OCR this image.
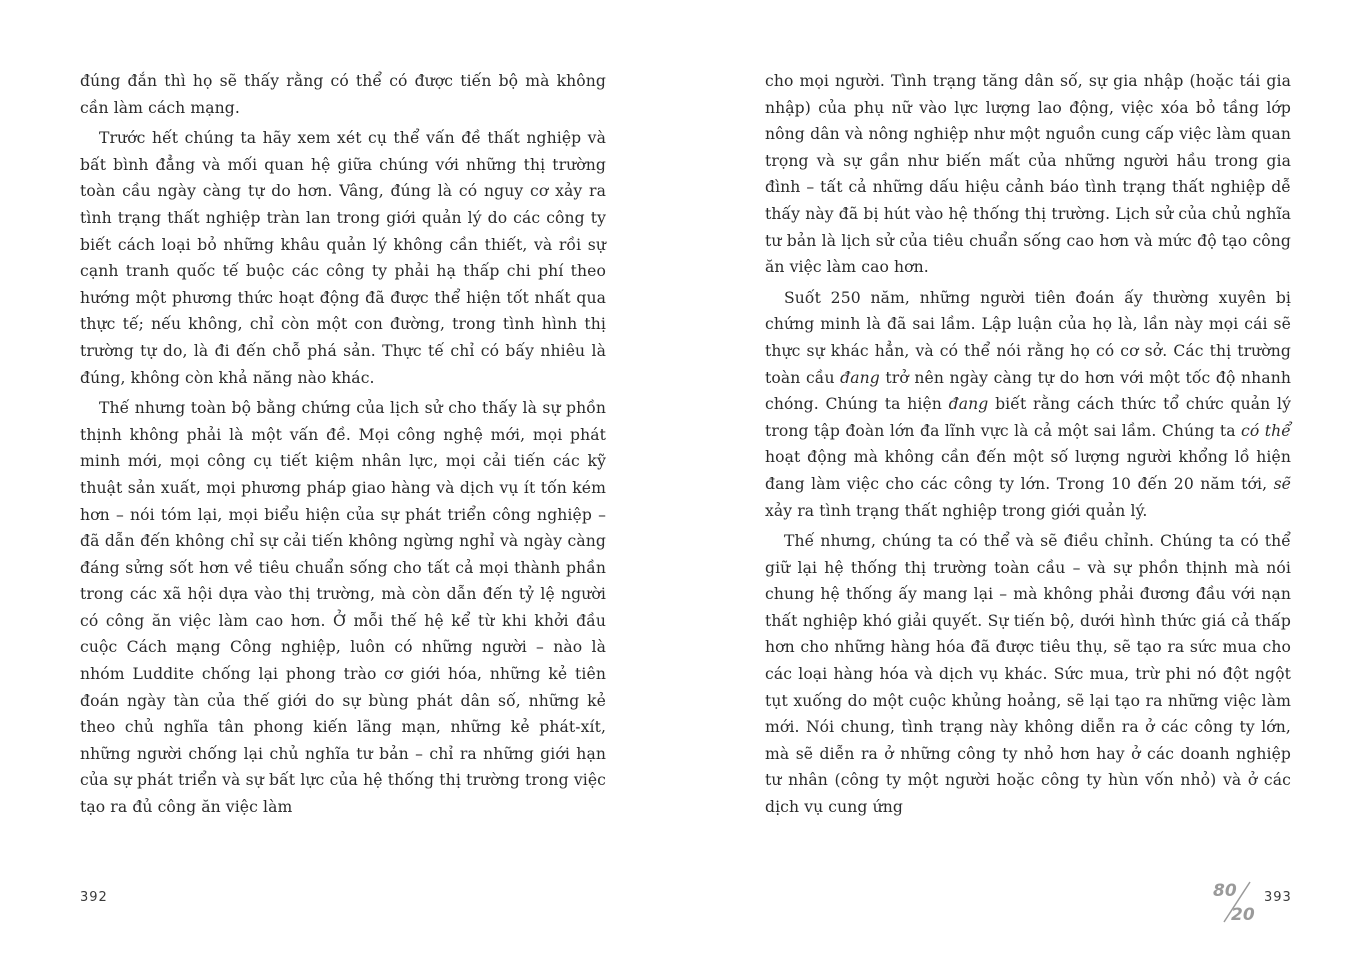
đúng đắn thì họ sẽ thấy rằng có thể có được tiến bộ mà không cần làm cách mạng.

Trước hết chúng ta hãy xem xét cụ thể vấn đề thất nghiệp và bất bình đẳng và mối quan hệ giữa chúng với những thị trường toàn cầu ngày càng tự do hơn. Vâng, đúng là có nguy cơ xảy ra tình trạng thất nghiệp tràn lan trong giới quản lý do các công ty biết cách loại bỏ những khâu quản lý không cần thiết, và rồi sự cạnh tranh quốc tế buộc các công ty phải hạ thấp chi phí theo hướng một phương thức hoạt động đã được thể hiện tốt nhất qua thực tế; nếu không, chỉ còn một con đường, trong tình hình thị trường tự do, là đi đến chỗ phá sản. Thực tế chỉ có bấy nhiêu là đúng, không còn khả năng nào khác.

Thế nhưng toàn bộ bằng chứng của lịch sử cho thấy là sự phồn thịnh không phải là một vấn đề. Mọi công nghệ mới, mọi phát minh mới, mọi công cụ tiết kiệm nhân lực, mọi cải tiến các kỹ thuật sản xuất, mọi phương pháp giao hàng và dịch vụ ít tốn kém hơn – nói tóm lại, mọi biểu hiện của sự phát triển công nghiệp – đã dẫn đến không chỉ sự cải tiến không ngừng nghỉ và ngày càng đáng sửng sốt hơn về tiêu chuẩn sống cho tất cả mọi thành phần trong các xã hội dựa vào thị trường, mà còn dẫn đến tỷ lệ người có công ăn việc làm cao hơn. Ở mỗi thế hệ kể từ khi khởi đầu cuộc Cách mạng Công nghiệp, luôn có những người – nào là nhóm Luddite chống lại phong trào cơ giới hóa, những kẻ tiên đoán ngày tàn của thế giới do sự bùng phát dân số, những kẻ theo chủ nghĩa tân phong kiến lãng mạn, những kẻ phát-xít, những người chống lại chủ nghĩa tư bản – chỉ ra những giới hạn của sự phát triển và sự bất lực của hệ thống thị trường trong việc tạo ra đủ công ăn việc làm

cho mọi người. Tình trạng tăng dân số, sự gia nhập (hoặc tái gia nhập) của phụ nữ vào lực lượng lao động, việc xóa bỏ tầng lớp nông dân và nông nghiệp như một nguồn cung cấp việc làm quan trọng và sự gần như biến mất của những người hầu trong gia đình – tất cả những dấu hiệu cảnh báo tình trạng thất nghiệp dễ thấy này đã bị hút vào hệ thống thị trường. Lịch sử của chủ nghĩa tư bản là lịch sử của tiêu chuẩn sống cao hơn và mức độ tạo công ăn việc làm cao hơn.

Suốt 250 năm, những người tiên đoán ấy thường xuyên bị chứng minh là đã sai lầm. Lập luận của họ là, lần này mọi cái sẽ thực sự khác hẳn, và có thể nói rằng họ có cơ sở. Các thị trường toàn cầu đang trở nên ngày càng tự do hơn với một tốc độ nhanh chóng. Chúng ta hiện đang biết rằng cách thức tổ chức quản lý trong tập đoàn lớn đa lĩnh vực là cả một sai lầm. Chúng ta có thể hoạt động mà không cần đến một số lượng người khổng lồ hiện đang làm việc cho các công ty lớn. Trong 10 đến 20 năm tới, sẽ xảy ra tình trạng thất nghiệp trong giới quản lý.

Thế nhưng, chúng ta có thể và sẽ điều chỉnh. Chúng ta có thể giữ lại hệ thống thị trường toàn cầu – và sự phồn thịnh mà nói chung hệ thống ấy mang lại – mà không phải đương đầu với nạn thất nghiệp khó giải quyết. Sự tiến bộ, dưới hình thức giá cả thấp hơn cho những hàng hóa đã được tiêu thụ, sẽ tạo ra sức mua cho các loại hàng hóa và dịch vụ khác. Sức mua, trừ phi nó đột ngột tụt xuống do một cuộc khủng hoảng, sẽ lại tạo ra những việc làm mới. Nói chung, tình trạng này không diễn ra ở các công ty lớn, mà sẽ diễn ra ở những công ty nhỏ hơn hay ở các doanh nghiệp tư nhân (công ty một người hoặc công ty hùn vốn nhỏ) và ở các dịch vụ cung ứng

392	80
20
393
